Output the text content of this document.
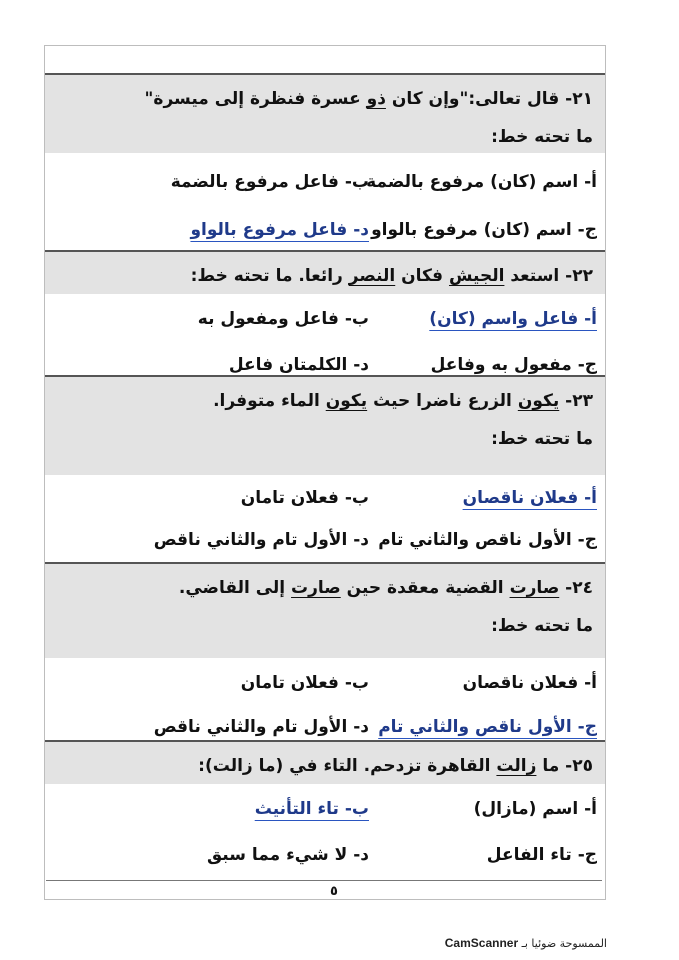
٢١- قال تعالى:"وإن كان ذو عسرة فنظرة إلى ميسرة"
ما تحته خط:
أ- اسم (كان) مرفوع بالضمة
ب- فاعل مرفوع بالضمة
ج- اسم (كان) مرفوع بالواو
د- فاعل مرفوع بالواو
٢٢- استعد الجيش فكان النصر رائعا. ما تحته خط:
أ- فاعل واسم (كان)
ب- فاعل ومفعول به
ج- مفعول به وفاعل
د- الكلمتان فاعل
٢٣- يكون الزرع ناضرا حيث يكون الماء متوفرا.
ما تحته خط:
أ- فعلان ناقصان
ب- فعلان تامان
ج- الأول ناقص والثاني تام
د- الأول تام والثاني ناقص
٢٤- صارت القضية معقدة حين صارت إلى القاضي.
ما تحته خط:
أ- فعلان ناقصان
ب- فعلان تامان
ج- الأول ناقص والثاني تام
د- الأول تام والثاني ناقص
٢٥- ما زالت القاهرة تزدحم. التاء في (ما زالت):
أ- اسم (مازال)
ب- تاء التأنيث
ج- تاء الفاعل
د- لا شيء مما سبق
٥
الممسوحة ضوئيا بـ CamScanner
